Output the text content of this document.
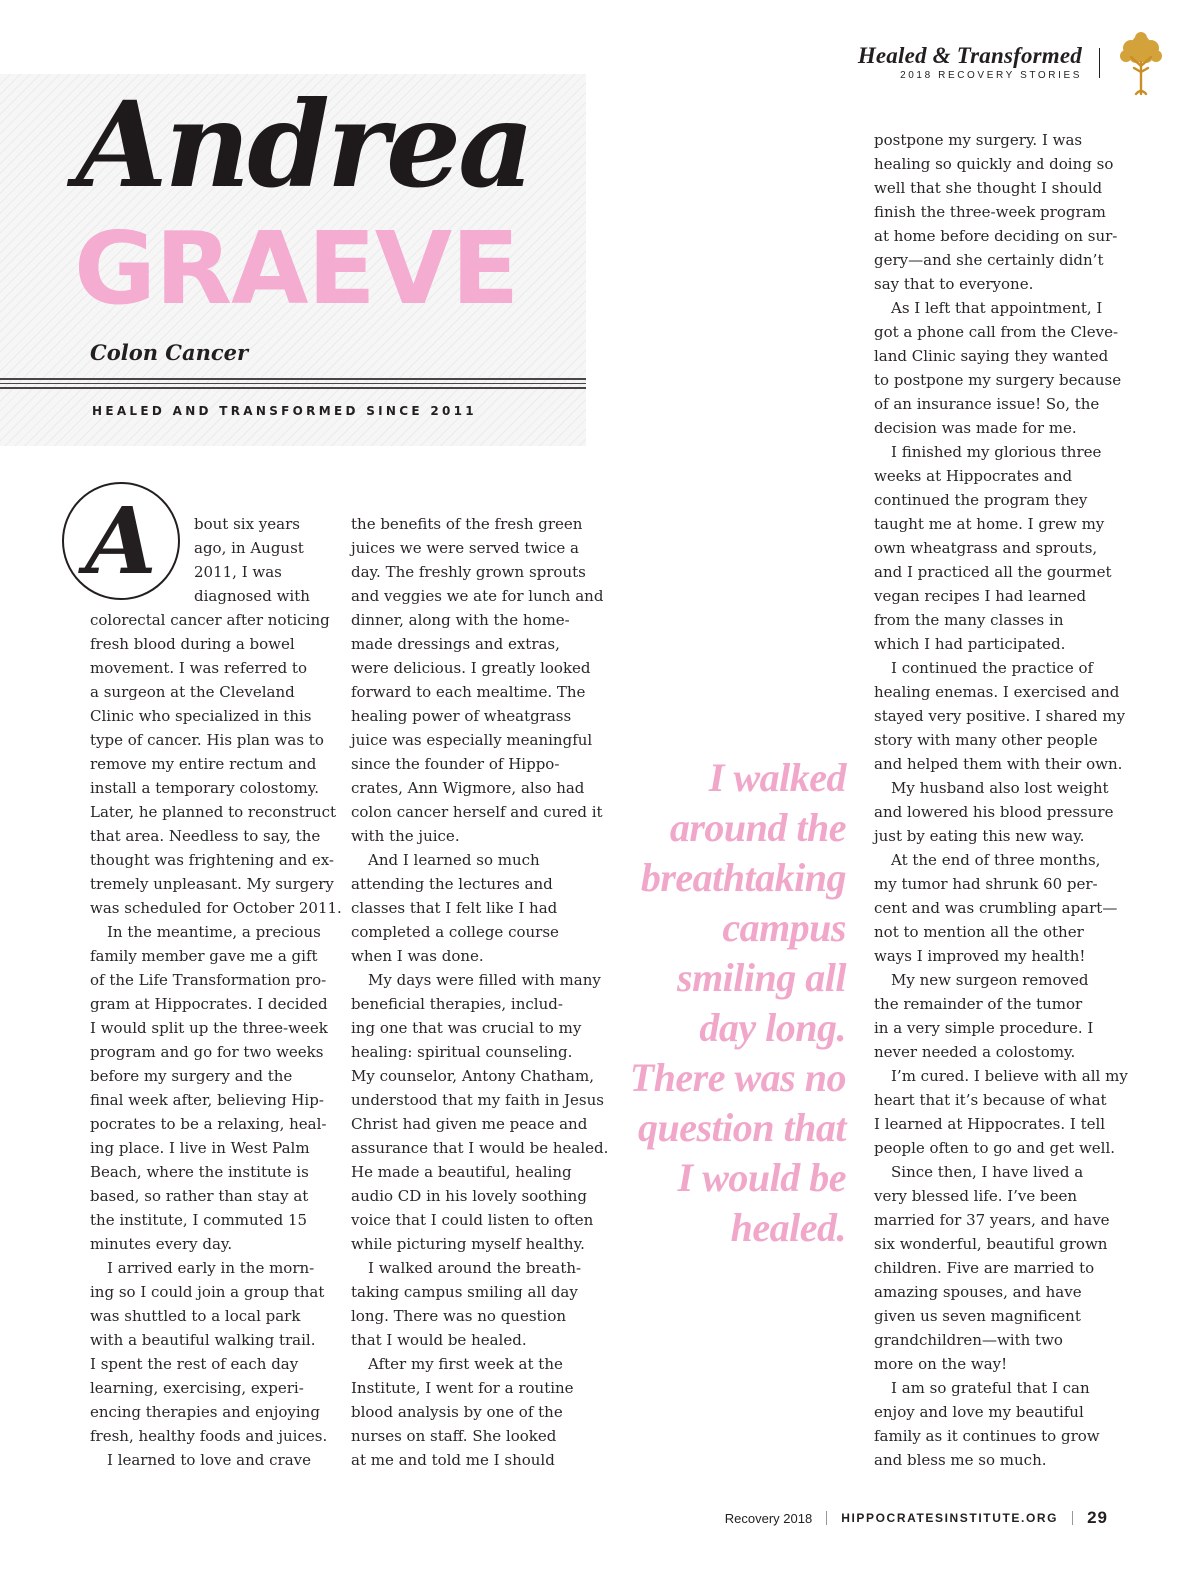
Healed & Transformed
2018 RECOVERY STORIES
Andrea
GRAEVE
Colon Cancer
HEALED AND TRANSFORMED SINCE 2011
A	bout six years
ago, in August
2011, I was
diagnosed with
colorectal cancer after noticing
fresh blood during a bowel
movement. I was referred to
a surgeon at the Cleveland
Clinic who specialized in this
type of cancer. His plan was to
remove my entire rectum and
install a temporary colostomy.
Later, he planned to reconstruct
that area. Needless to say, the
thought was frightening and ex-
tremely unpleasant. My surgery
was scheduled for October 2011.

In the meantime, a precious
family member gave me a gift
of the Life Transformation pro-
gram at Hippocrates. I decided
I would split up the three-week
program and go for two weeks
before my surgery and the
final week after, believing Hip-
pocrates to be a relaxing, heal-
ing place. I live in West Palm
Beach, where the institute is
based, so rather than stay at
the institute, I commuted 15
minutes every day.

I arrived early in the morn-
ing so I could join a group that
was shuttled to a local park
with a beautiful walking trail.
I spent the rest of each day
learning, exercising, experi-
encing therapies and enjoying
fresh, healthy foods and juices.

I learned to love and crave

the benefits of the fresh green
juices we were served twice a
day. The freshly grown sprouts
and veggies we ate for lunch and
dinner, along with the home-
made dressings and extras,
were delicious. I greatly looked
forward to each mealtime. The
healing power of wheatgrass
juice was especially meaningful
since the founder of Hippo-
crates, Ann Wigmore, also had
colon cancer herself and cured it
with the juice.

And I learned so much
attending the lectures and
classes that I felt like I had
completed a college course
when I was done.

My days were filled with many
beneficial therapies, includ-
ing one that was crucial to my
healing: spiritual counseling.
My counselor, Antony Chatham,
understood that my faith in Jesus
Christ had given me peace and
assurance that I would be healed.
He made a beautiful, healing
audio CD in his lovely soothing
voice that I could listen to often
while picturing myself healthy.

I walked around the breath-
taking campus smiling all day
long. There was no question
that I would be healed.

After my first week at the
Institute, I went for a routine
blood analysis by one of the
nurses on staff. She looked
at me and told me I should

I walked
around the
breathtaking
campus
smiling all
day long.
There was no
question that
I would be
healed.

postpone my surgery. I was
healing so quickly and doing so
well that she thought I should
finish the three-week program
at home before deciding on sur-
gery—and she certainly didn’t
say that to everyone.

As I left that appointment, I
got a phone call from the Cleve-
land Clinic saying they wanted
to postpone my surgery because
of an insurance issue! So, the
decision was made for me.

I finished my glorious three
weeks at Hippocrates and
continued the program they
taught me at home. I grew my
own wheatgrass and sprouts,
and I practiced all the gourmet
vegan recipes I had learned
from the many classes in
which I had participated.

I continued the practice of
healing enemas. I exercised and
stayed very positive. I shared my
story with many other people
and helped them with their own.

My husband also lost weight
and lowered his blood pressure
just by eating this new way.

At the end of three months,
my tumor had shrunk 60 per-
cent and was crumbling apart—
not to mention all the other
ways I improved my health!

My new surgeon removed
the remainder of the tumor
in a very simple procedure. I
never needed a colostomy.

I’m cured. I believe with all my
heart that it’s because of what
I learned at Hippocrates. I tell
people often to go and get well.

Since then, I have lived a
very blessed life. I’ve been
married for 37 years, and have
six wonderful, beautiful grown
children. Five are married to
amazing spouses, and have
given us seven magnificent
grandchildren—with two
more on the way!

I am so grateful that I can
enjoy and love my beautiful
family as it continues to grow
and bless me so much.

Recovery 2018 HIPPOCRATESINSTITUTE.ORG 29
